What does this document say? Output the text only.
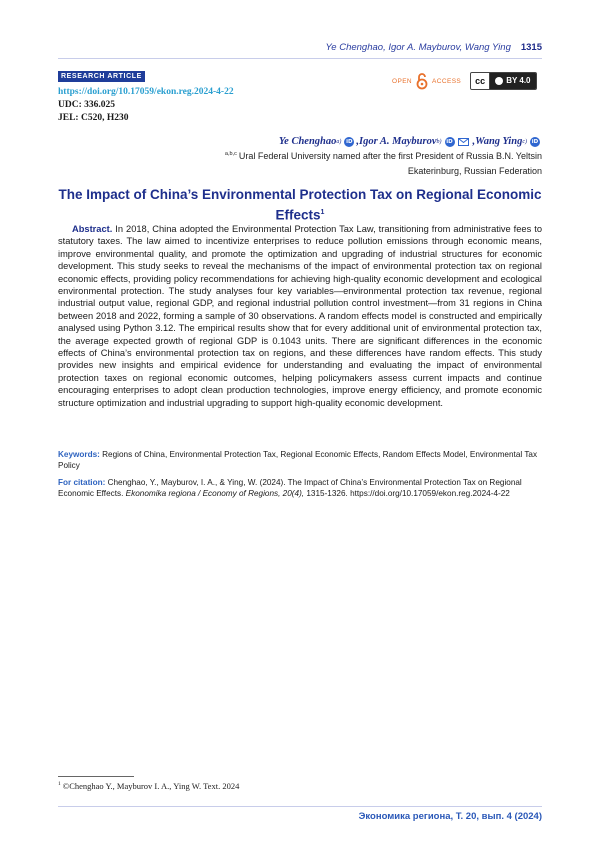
Ye Chenghao, Igor A. Mayburov, Wang Ying 1315
RESEARCH ARTICLE
https://doi.org/10.17059/ekon.reg.2024-4-22
UDC: 336.025
JEL: C520, H230
OPEN	ACCESS	cc	BY 4.0
Ye Chenghao a) iD , Igor A. Mayburov b) iD , Wang Ying c) iD
$^{a,b,c}$ Ural Federal University named after the first President of Russia B.N. Yeltsin
Ekaterinburg, Russian Federation
The Impact of China’s Environmental Protection Tax on Regional Economic Effects$^1$
Abstract. In 2018, China adopted the Environmental Protection Tax Law, transitioning from administrative fees to statutory taxes. The law aimed to incentivize enterprises to reduce pollution emissions through economic means, improve environmental quality, and promote the optimization and upgrading of industrial structures for economic development. This study seeks to reveal the mechanisms of the impact of environmental protection tax on regional economic effects, providing policy recommendations for achieving high-quality economic development and ecological environmental protection. The study analyses four key variables—environmental protection tax revenue, regional industrial output value, regional GDP, and regional industrial pollution control investment—from 31 regions in China between 2018 and 2022, forming a sample of 30 observations. A random effects model is constructed and empirically analysed using Python 3.12. The empirical results show that for every additional unit of environmental protection tax, the average expected growth of regional GDP is 0.1043 units. There are significant differences in the economic effects of China’s environmental protection tax on regions, and these differences have random effects. This study provides new insights and empirical evidence for understanding and evaluating the impact of environmental protection taxes on regional economic outcomes, helping policymakers assess current impacts and continue encouraging enterprises to adopt clean production technologies, improve energy efficiency, and promote economic structure optimization and industrial upgrading to support high-quality economic development.
Keywords: Regions of China, Environmental Protection Tax, Regional Economic Effects, Random Effects Model, Environmental Tax Policy
For citation: Chenghao, Y., Mayburov, I. A., & Ying, W. (2024). The Impact of China’s Environmental Protection Tax on Regional Economic Effects. Ekonomika regiona / Economy of Regions, 20(4), 1315-1326. https://doi.org/10.17059/ekon.reg.2024-4-22
$^1$ ©Chenghao Y., Mayburov I. A., Ying W. Text. 2024
Экономика региона, Т. 20, вып. 4 (2024)
